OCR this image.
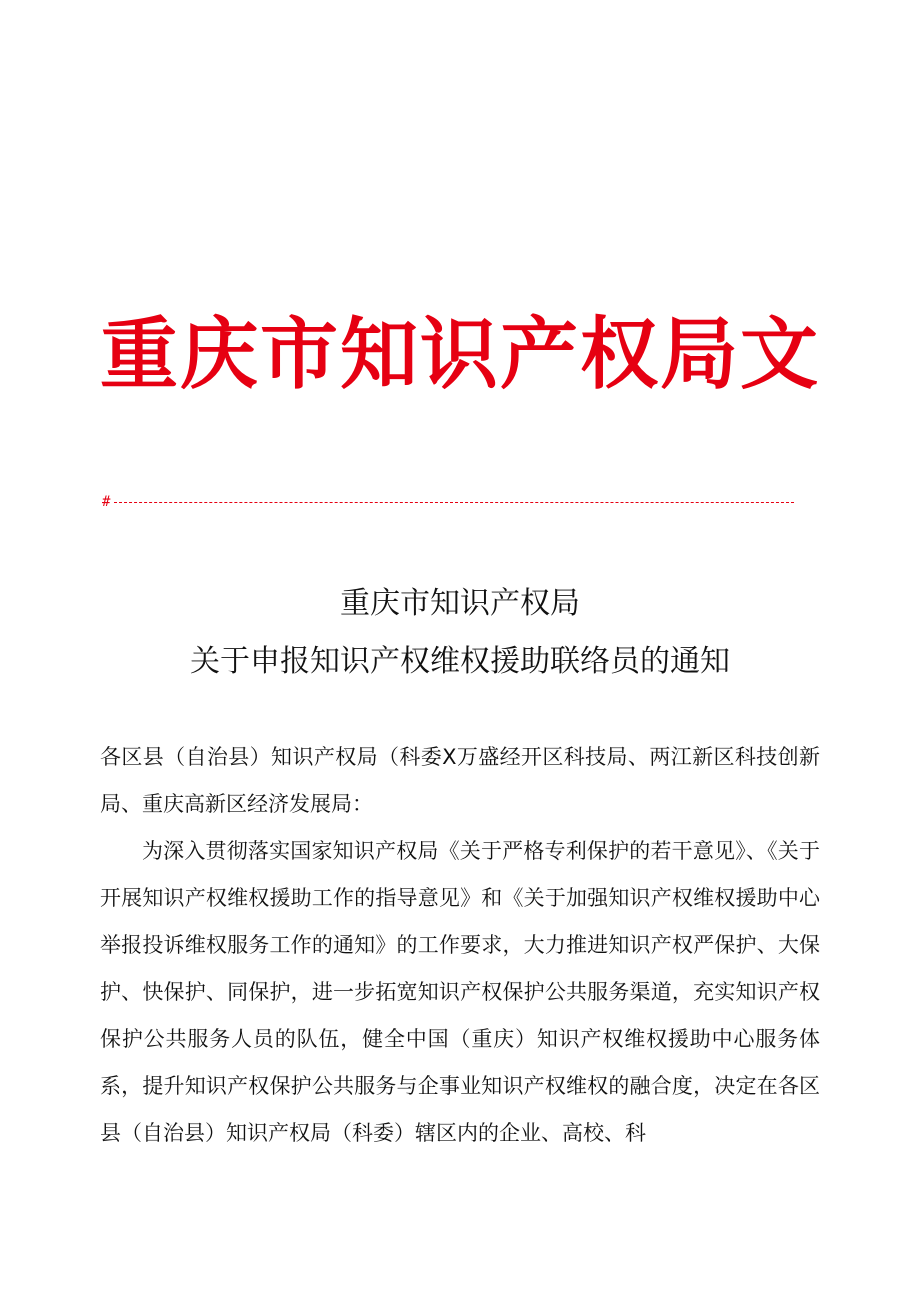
重庆市知识产权局文
#
重庆市知识产权局
关于申报知识产权维权援助联络员的通知

各区县（自治县）知识产权局（科委X万盛经开区科技局、两江新区科技创新局、重庆高新区经济发展局：

为深入贯彻落实国家知识产权局《关于严格专利保护的若干意见》、《关于开展知识产权维权援助工作的指导意见》和《关于加强知识产权维权援助中心举报投诉维权服务工作的通知》的工作要求，大力推进知识产权严保护、大保护、快保护、同保护，进一步拓宽知识产权保护公共服务渠道，充实知识产权保护公共服务人员的队伍，健全中国（重庆）知识产权维权援助中心服务体系，提升知识产权保护公共服务与企事业知识产权维权的融合度，决定在各区县（自治县）知识产权局（科委）辖区内的企业、高校、科
